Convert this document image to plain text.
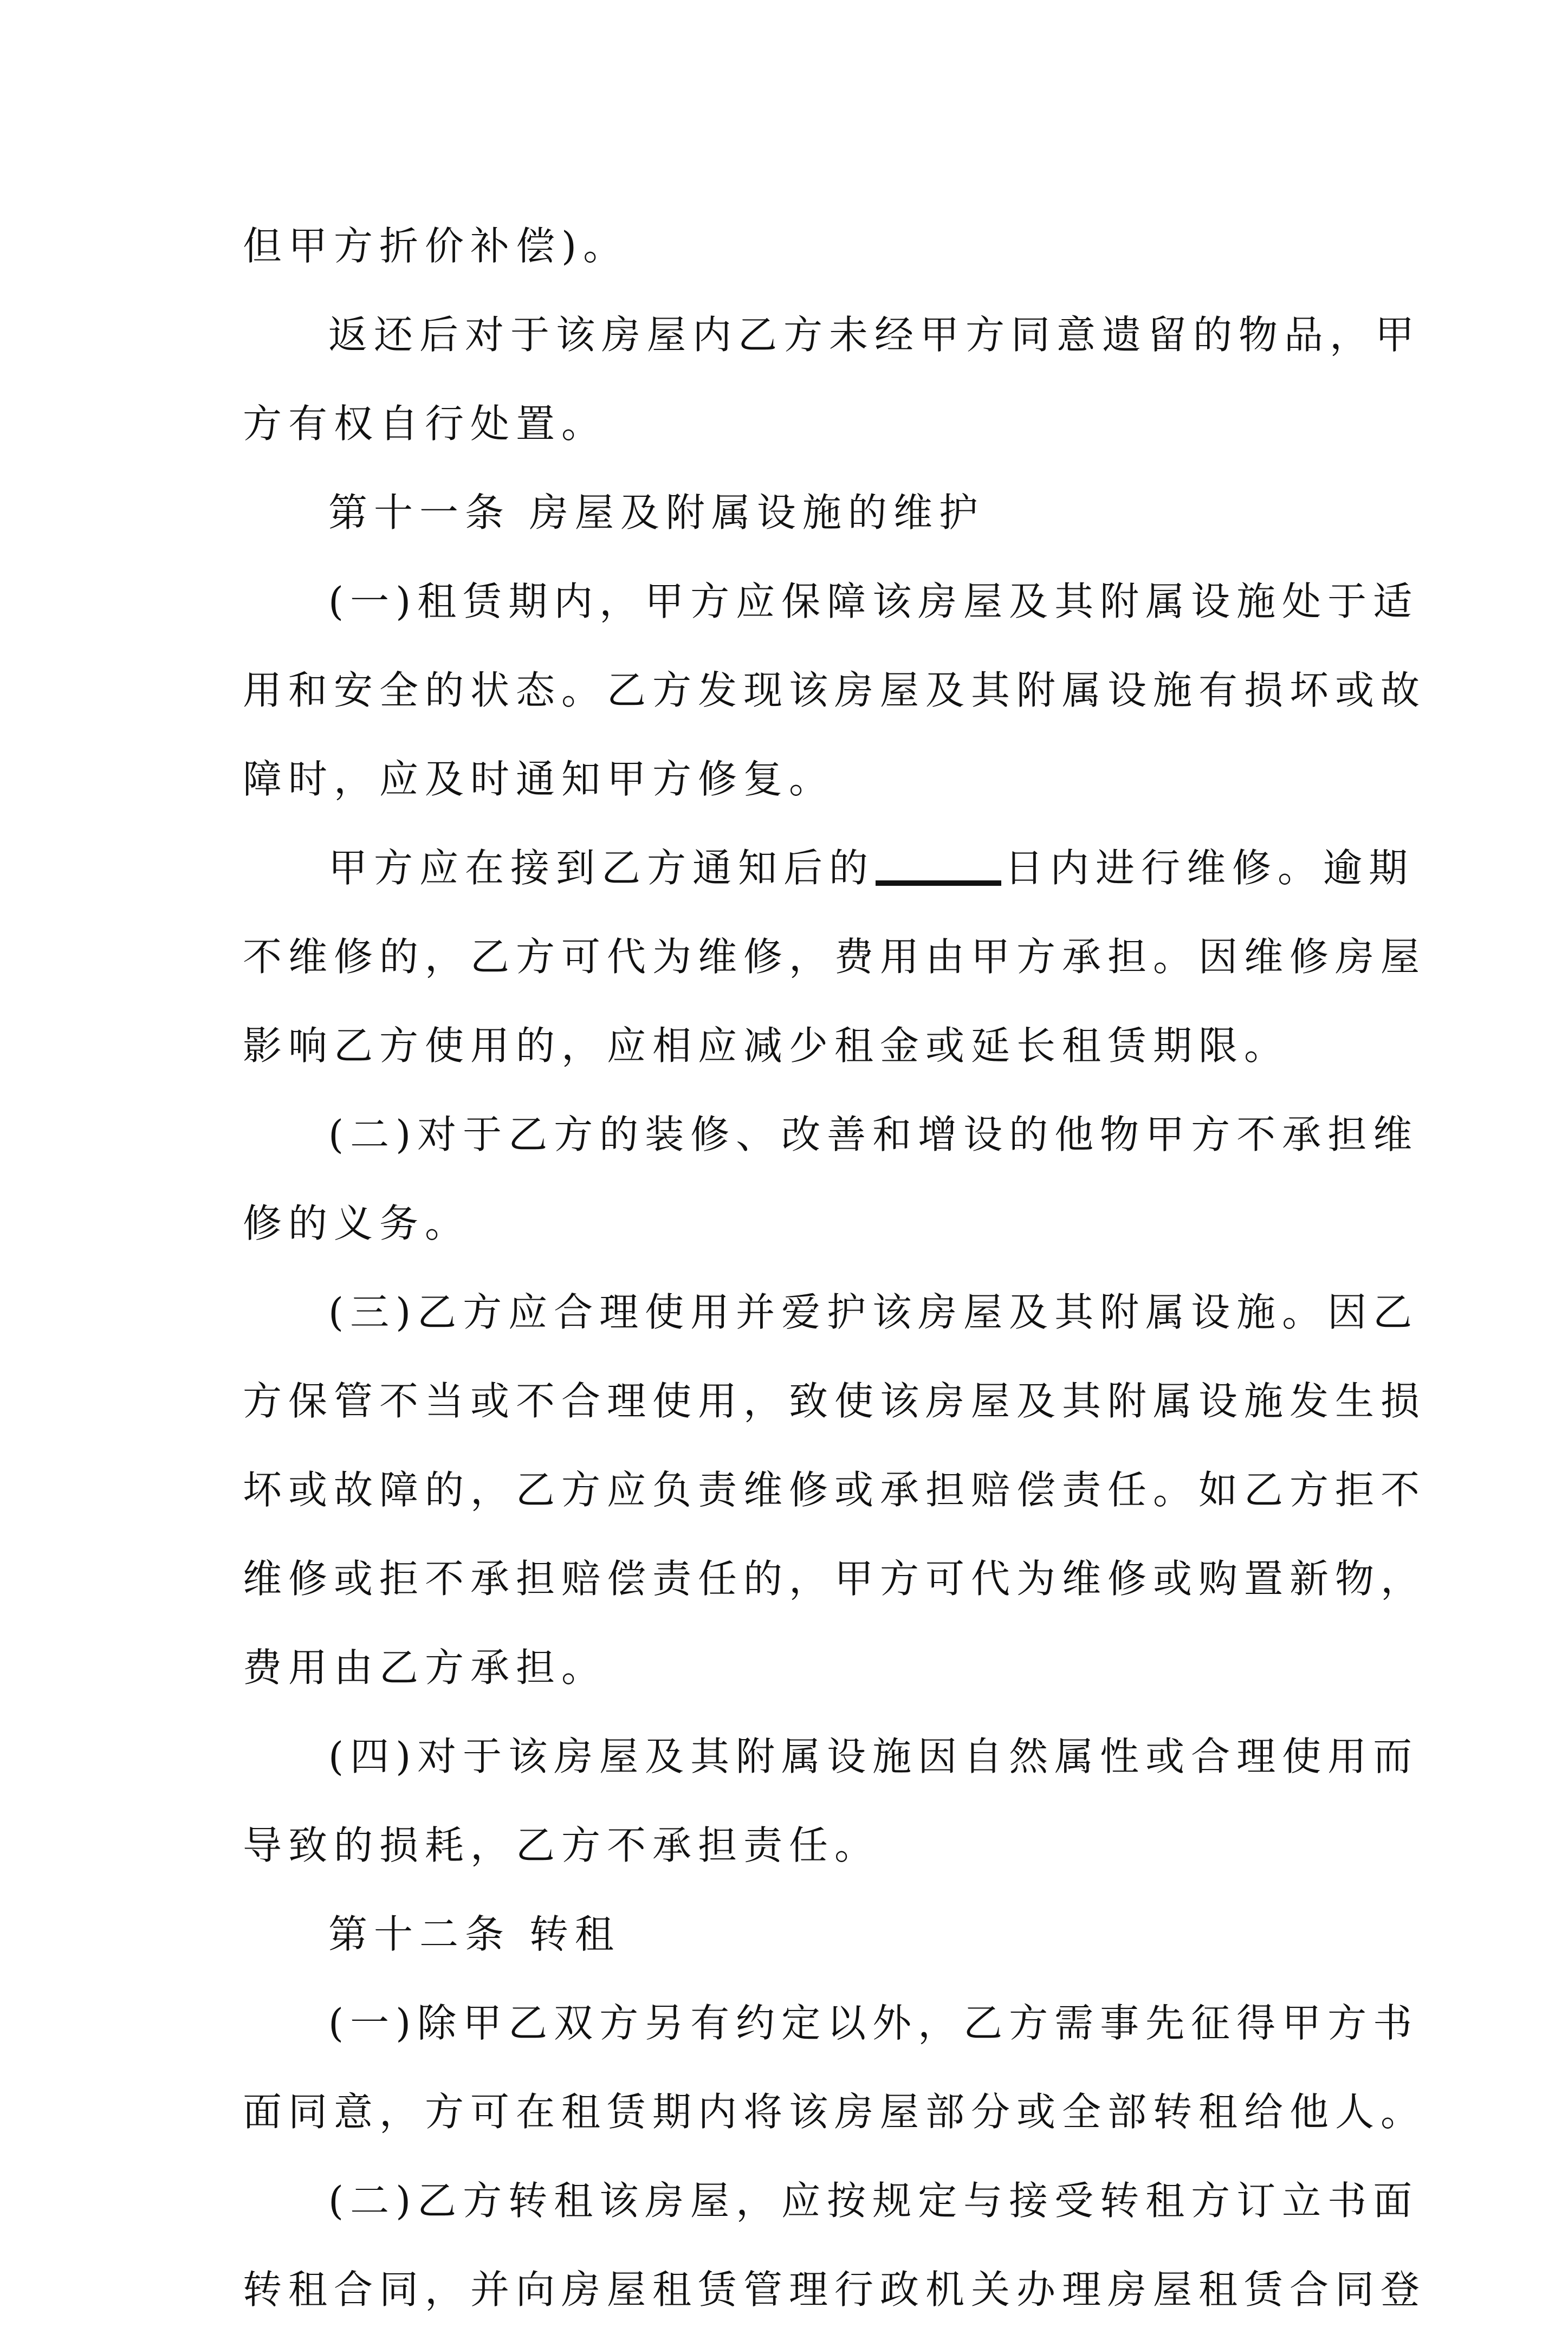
但甲方折价补偿)。
返还后对于该房屋内乙方未经甲方同意遗留的物品，甲
方有权自行处置。
第十一条 房屋及附属设施的维护
(一)租赁期内，甲方应保障该房屋及其附属设施处于适
用和安全的状态。乙方发现该房屋及其附属设施有损坏或故
障时，应及时通知甲方修复。
甲方应在接到乙方通知后的	日内进行维修。逾期
不维修的，乙方可代为维修，费用由甲方承担。因维修房屋
影响乙方使用的，应相应减少租金或延长租赁期限。
(二)对于乙方的装修、改善和增设的他物甲方不承担维
修的义务。
(三)乙方应合理使用并爱护该房屋及其附属设施。因乙
方保管不当或不合理使用，致使该房屋及其附属设施发生损
坏或故障的，乙方应负责维修或承担赔偿责任。如乙方拒不
维修或拒不承担赔偿责任的，甲方可代为维修或购置新物，
费用由乙方承担。
(四)对于该房屋及其附属设施因自然属性或合理使用而
导致的损耗，乙方不承担责任。
第十二条 转租
(一)除甲乙双方另有约定以外，乙方需事先征得甲方书
面同意，方可在租赁期内将该房屋部分或全部转租给他人。
(二)乙方转租该房屋，应按规定与接受转租方订立书面
转租合同，并向房屋租赁管理行政机关办理房屋租赁合同登
